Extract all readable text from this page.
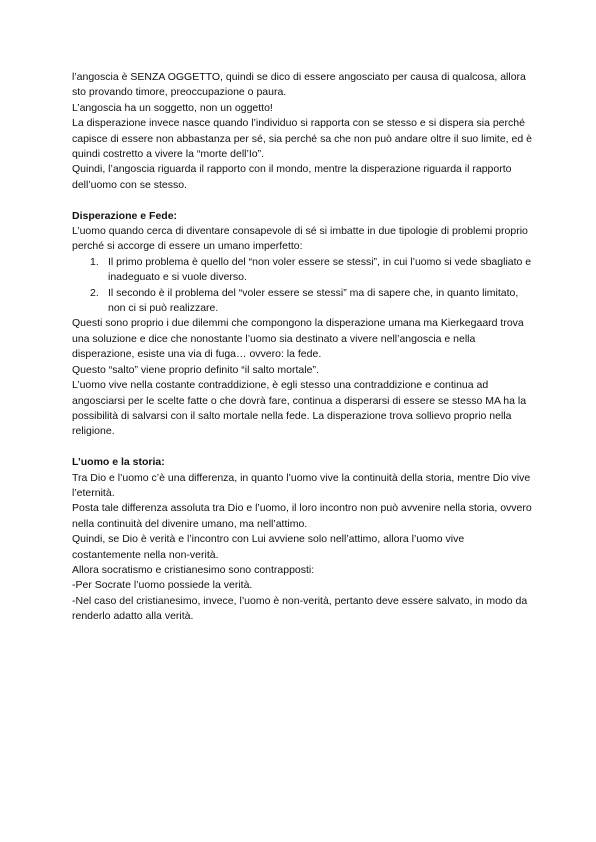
l’angoscia è SENZA OGGETTO, quindi se dico di essere angosciato per causa di qualcosa, allora sto provando timore, preoccupazione o paura.

L’angoscia ha un soggetto, non un oggetto!

La disperazione invece nasce quando l’individuo si rapporta con se stesso e si dispera sia perché capisce di essere non abbastanza per sé, sia perché sa che non può andare oltre il suo limite, ed è quindi costretto a vivere la “morte dell’Io”.

Quindi, l’angoscia riguarda il rapporto con il mondo, mentre la disperazione riguarda il rapporto dell’uomo con se stesso.

Disperazione e Fede:

L’uomo quando cerca di diventare consapevole di sé si imbatte in due tipologie di problemi proprio perché si accorge di essere un umano imperfetto:

1. Il primo problema è quello del “non voler essere se stessi”, in cui l’uomo si vede sbagliato e inadeguato e si vuole diverso.
2. Il secondo è il problema del “voler essere se stessi” ma di sapere che, in quanto limitato, non ci si può realizzare.

Questi sono proprio i due dilemmi che compongono la disperazione umana ma Kierkegaard trova una soluzione e dice che nonostante l’uomo sia destinato a vivere nell’angoscia e nella disperazione, esiste una via di fuga… ovvero: la fede.

Questo “salto” viene proprio definito “il salto mortale”.

L’uomo vive nella costante contraddizione, è egli stesso una contraddizione e continua ad angosciarsi per le scelte fatte o che dovrà fare, continua a disperarsi di essere se stesso MA ha la possibilità di salvarsi con il salto mortale nella fede. La disperazione trova sollievo proprio nella religione.

L’uomo e la storia:

Tra Dio e l’uomo c’è una differenza, in quanto l’uomo vive la continuità della storia, mentre Dio vive l’eternità.

Posta tale differenza assoluta tra Dio e l’uomo, il loro incontro non può avvenire nella storia, ovvero nella continuità del divenire umano, ma nell’attimo.

Quindi, se Dio è verità e l’incontro con Lui avviene solo nell’attimo, allora l’uomo vive costantemente nella non-verità.

Allora socratismo e cristianesimo sono contrapposti:

-Per Socrate l’uomo possiede la verità.

-Nel caso del cristianesimo, invece, l’uomo è non-verità, pertanto deve essere salvato, in modo da renderlo adatto alla verità.
